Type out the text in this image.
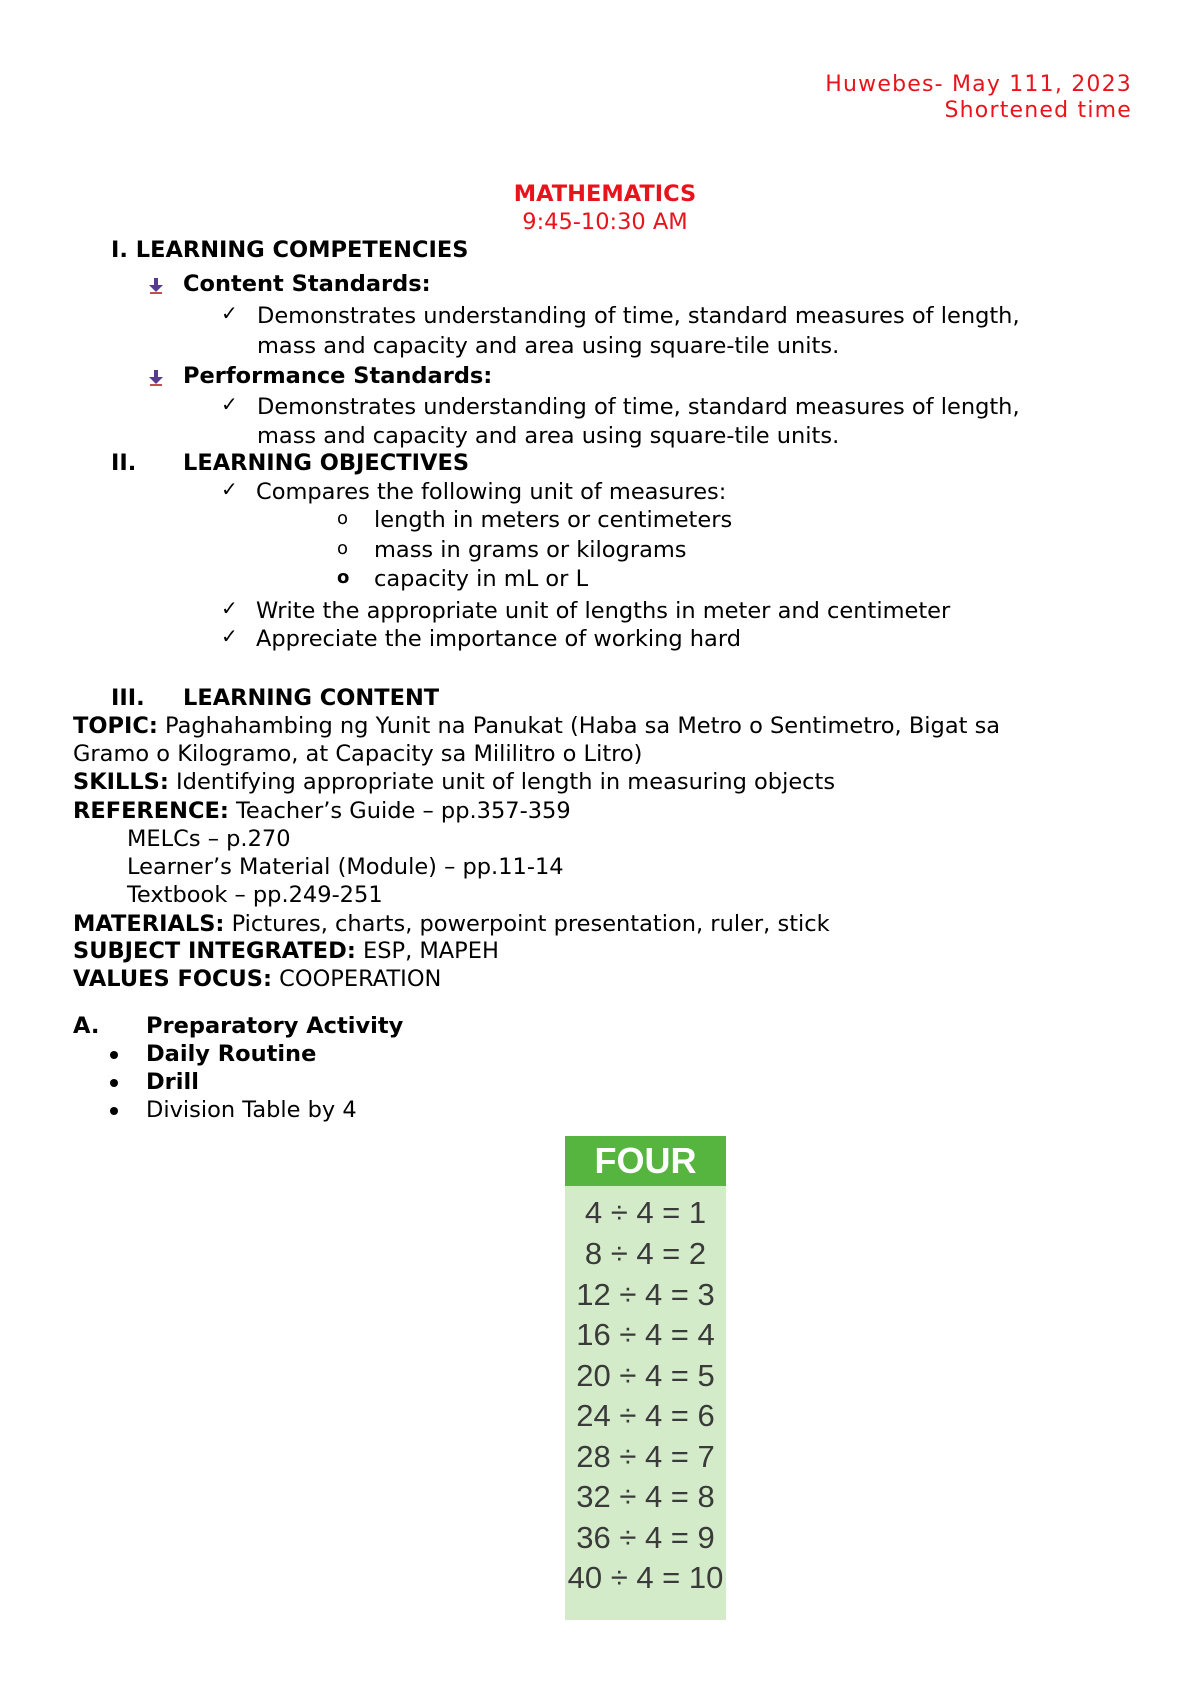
Huwebes- May 111, 2023
Shortened time
MATHEMATICS
9:45-10:30 AM
I. LEARNING COMPETENCIES
Content Standards:
✓ Demonstrates understanding of time, standard measures of length,
mass and capacity and area using square-tile units.
Performance Standards:
✓ Demonstrates understanding of time, standard measures of length,
mass and capacity and area using square-tile units.
II. LEARNING OBJECTIVES
✓ Compares the following unit of measures:
o length in meters or centimeters
o mass in grams or kilograms
o capacity in mL or L
✓ Write the appropriate unit of lengths in meter and centimeter
✓ Appreciate the importance of working hard
III. LEARNING CONTENT
TOPIC: Paghahambing ng Yunit na Panukat (Haba sa Metro o Sentimetro, Bigat sa
Gramo o Kilogramo, at Capacity sa Mililitro o Litro)
SKILLS: Identifying appropriate unit of length in measuring objects
REFERENCE: Teacher’s Guide – pp.357-359
MELCs – p.270
Learner’s Material (Module) – pp.11-14
Textbook – pp.249-251
MATERIALS: Pictures, charts, powerpoint presentation, ruler, stick
SUBJECT INTEGRATED: ESP, MAPEH
VALUES FOCUS: COOPERATION
A. Preparatory Activity
Daily Routine
Drill
Division Table by 4
FOUR
4 ÷ 4 = 1
8 ÷ 4 = 2
12 ÷ 4 = 3
16 ÷ 4 = 4
20 ÷ 4 = 5
24 ÷ 4 = 6
28 ÷ 4 = 7
32 ÷ 4 = 8
36 ÷ 4 = 9
40 ÷ 4 = 10
